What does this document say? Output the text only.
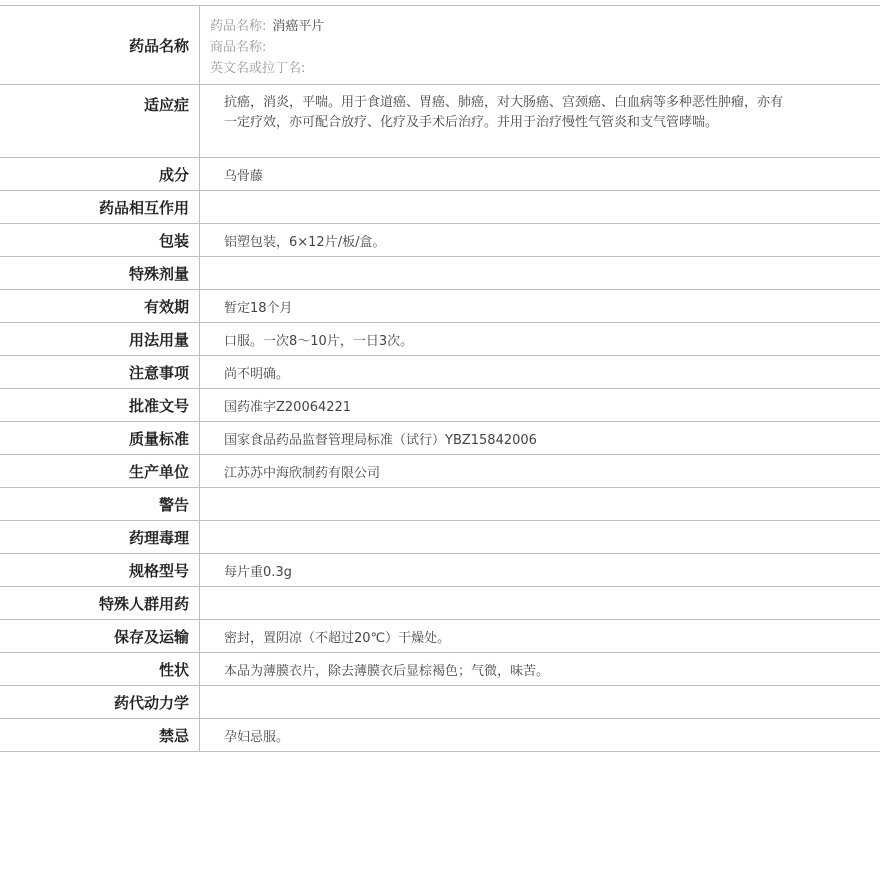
药品名称
药品名称: 消癌平片
商品名称:
英文名或拉丁名:
适应症	抗癌，消炎，平喘。用于食道癌、胃癌、肺癌，对大肠癌、宫颈癌、白血病等多种恶性肿瘤，亦有一定疗效，亦可配合放疗、化疗及手术后治疗。并用于治疗慢性气管炎和支气管哮喘。
成分	乌骨藤
药品相互作用
包装	铝塑包装，6×12片/板/盒。
特殊剂量
有效期	暂定18个月
用法用量	口服。一次8～10片，一日3次。
注意事项	尚不明确。
批准文号	国药准字Z20064221
质量标准	国家食品药品监督管理局标准（试行）YBZ15842006
生产单位	江苏苏中海欣制药有限公司
警告
药理毒理
规格型号	每片重0.3g
特殊人群用药
保存及运输	密封，置阴凉（不超过20℃）干燥处。
性状	本品为薄膜衣片，除去薄膜衣后显棕褐色；气微，味苦。
药代动力学
禁忌	孕妇忌服。
